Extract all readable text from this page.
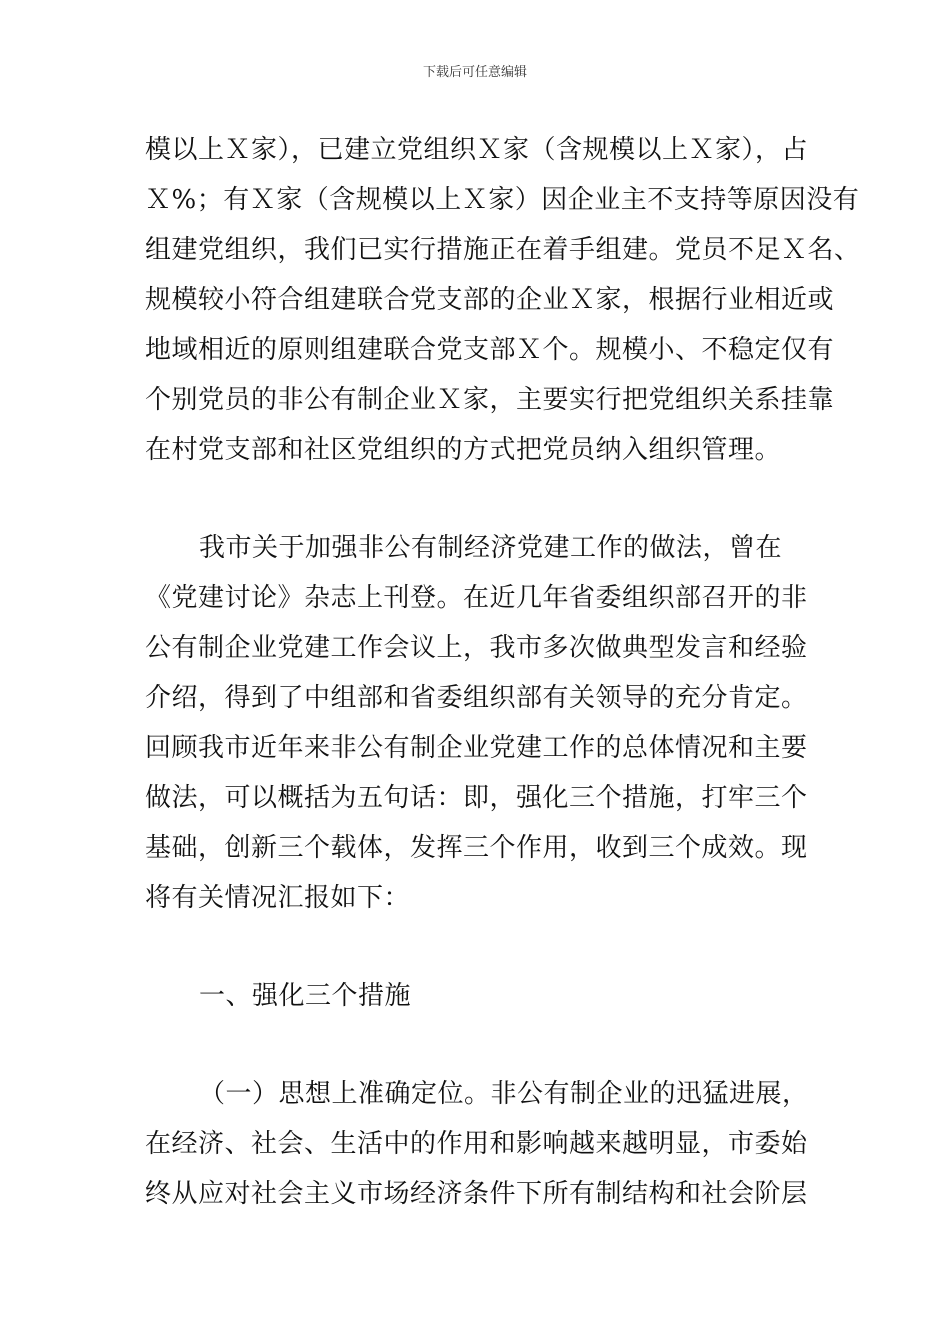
下载后可任意编辑
模以上Ｘ家），已建立党组织Ｘ家（含规模以上Ｘ家），占
Ｘ%；有Ｘ家（含规模以上Ｘ家）因企业主不支持等原因没有
组建党组织，我们已实行措施正在着手组建。党员不足Ｘ名、
规模较小符合组建联合党支部的企业Ｘ家，根据行业相近或
地域相近的原则组建联合党支部Ｘ个。规模小、不稳定仅有
个别党员的非公有制企业Ｘ家，主要实行把党组织关系挂靠
在村党支部和社区党组织的方式把党员纳入组织管理。
我市关于加强非公有制经济党建工作的做法，曾在
《党建讨论》杂志上刊登。在近几年省委组织部召开的非
公有制企业党建工作会议上，我市多次做典型发言和经验
介绍，得到了中组部和省委组织部有关领导的充分肯定。
回顾我市近年来非公有制企业党建工作的总体情况和主要
做法，可以概括为五句话：即，强化三个措施，打牢三个
基础，创新三个载体，发挥三个作用，收到三个成效。现
将有关情况汇报如下：
一、强化三个措施
（一）思想上准确定位。非公有制企业的迅猛进展，
在经济、社会、生活中的作用和影响越来越明显，市委始
终从应对社会主义市场经济条件下所有制结构和社会阶层
